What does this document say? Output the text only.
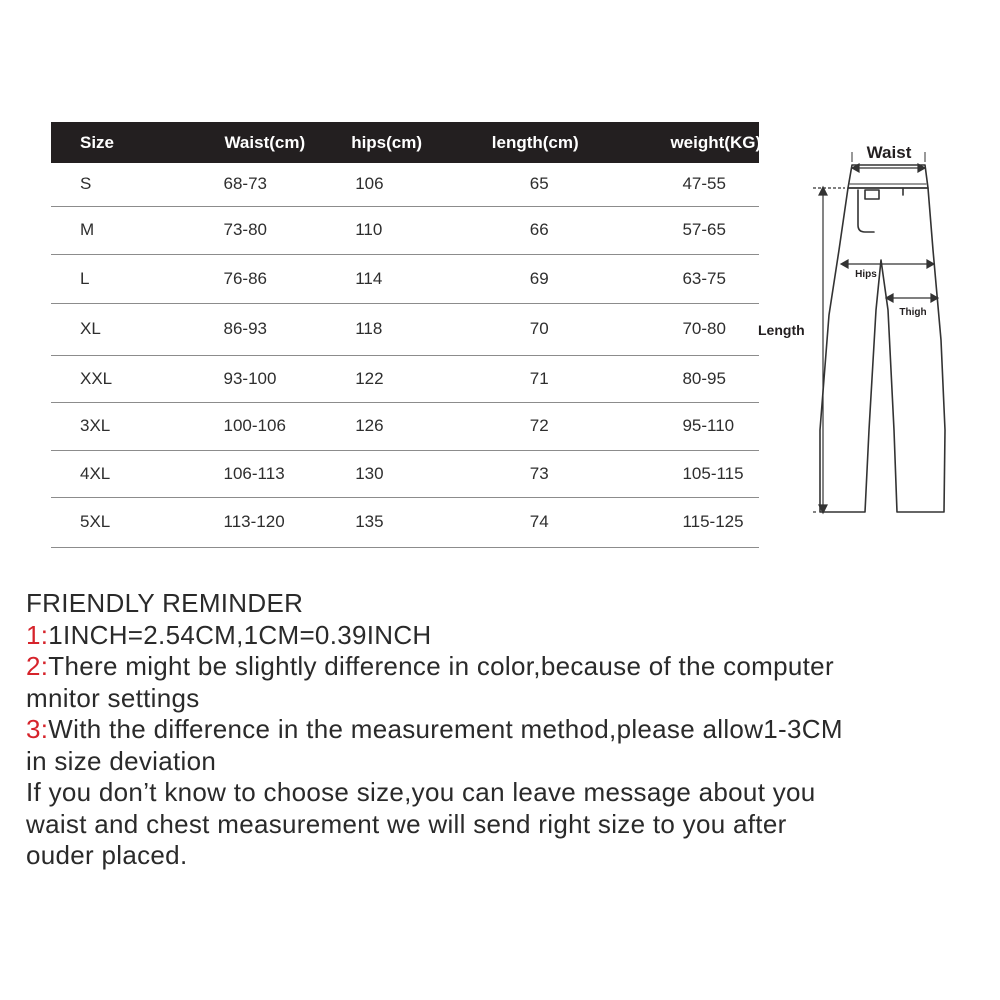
Size	Waist(cm)	hips(cm)	length(cm)	weight(KG)
S	68-73	106	65	47-55
M	73-80	110	66	57-65
L	76-86	114	69	63-75
XL	86-93	118	70	70-80
XXL	93-100	122	71	80-95
3XL	100-106	126	72	95-110
4XL	106-113	130	73	105-115
5XL	113-120	135	74	115-125
Waist
Hips
Thigh
Length
FRIENDLY REMINDER
1:1INCH=2.54CM,1CM=0.39INCH
2:There might be slightly difference in color,because of the computer
mnitor settings
3:With the difference in the measurement method,please allow1-3CM
in size deviation
If you don’t know to choose size,you can leave message about you
waist and chest measurement we will send right size to you after
ouder placed.
